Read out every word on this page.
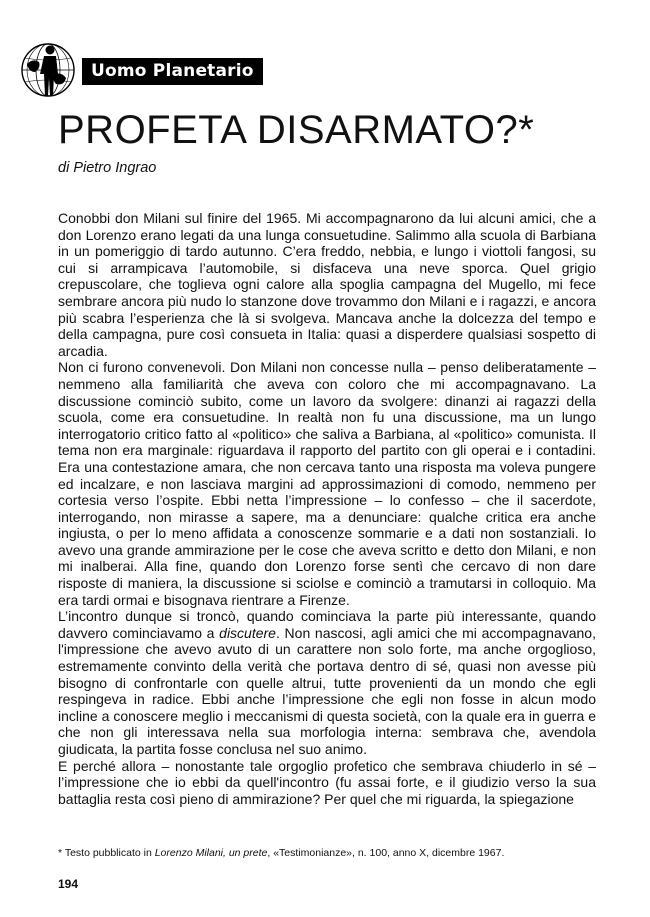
Uomo Planetario
PROFETA DISARMATO?*
di Pietro Ingrao

Conobbi don Milani sul finire del 1965. Mi accompagnarono da lui alcuni amici, che a don Lorenzo erano legati da una lunga consuetudine. Salimmo alla scuola di Barbiana in un pomeriggio di tardo autunno. C’era freddo, nebbia, e lungo i viottoli fangosi, su cui si arrampicava l’automobile, si disfaceva una neve sporca. Quel grigio crepuscolare, che toglieva ogni calore alla spoglia campagna del Mugello, mi fece sembrare ancora più nudo lo stanzone dove trovammo don Milani e i ragazzi, e ancora più scabra l’esperienza che là si svolgeva. Mancava anche la dolcezza del tempo e della campagna, pure così consueta in Italia: quasi a disperdere qualsiasi sospetto di arcadia.

Non ci furono convenevoli. Don Milani non concesse nulla – penso deliberatamente – nemmeno alla familiarità che aveva con coloro che mi accompagnavano. La discussione cominciò subito, come un lavoro da svolgere: dinanzi ai ragazzi della scuola, come era consuetudine. In realtà non fu una discussione, ma un lungo interrogatorio critico fatto al «politico» che saliva a Barbiana, al «politico» comunista. Il tema non era marginale: riguardava il rapporto del partito con gli operai e i contadini. Era una contestazione amara, che non cercava tanto una risposta ma voleva pungere ed incalzare, e non lasciava margini ad approssimazioni di comodo, nemmeno per cortesia verso l’ospite. Ebbi netta l’impressione – lo confesso – che il sacerdote, interrogando, non mirasse a sapere, ma a denunciare: qualche critica era anche ingiusta, o per lo meno affidata a conoscenze sommarie e a dati non sostanziali. Io avevo una grande ammirazione per le cose che aveva scritto e detto don Milani, e non mi inalberai. Alla fine, quando don Lorenzo forse sentì che cercavo di non dare risposte di maniera, la discussione si sciolse e cominciò a tramutarsi in colloquio. Ma era tardi ormai e bisognava rientrare a Firenze.

L’incontro dunque si troncò, quando cominciava la parte più interessante, quando davvero cominciavamo a discutere. Non nascosi, agli amici che mi accompagnavano, l'impressione che avevo avuto di un carattere non solo forte, ma anche orgoglioso, estremamente convinto della verità che portava dentro di sé, quasi non avesse più bisogno di confrontarle con quelle altrui, tutte provenienti da un mondo che egli respingeva in radice. Ebbi anche l’impressione che egli non fosse in alcun modo incline a conoscere meglio i meccanismi di questa società, con la quale era in guerra e che non gli interessava nella sua morfologia interna: sembrava che, avendola giudicata, la partita fosse conclusa nel suo animo.

E perché allora – nonostante tale orgoglio profetico che sembrava chiuderlo in sé – l’impressione che io ebbi da quell'incontro (fu assai forte, e il giudizio verso la sua battaglia resta così pieno di ammirazione? Per quel che mi riguarda, la spiegazione

* Testo pubblicato in Lorenzo Milani, un prete, «Testimonianze», n. 100, anno X, dicembre 1967.
194
